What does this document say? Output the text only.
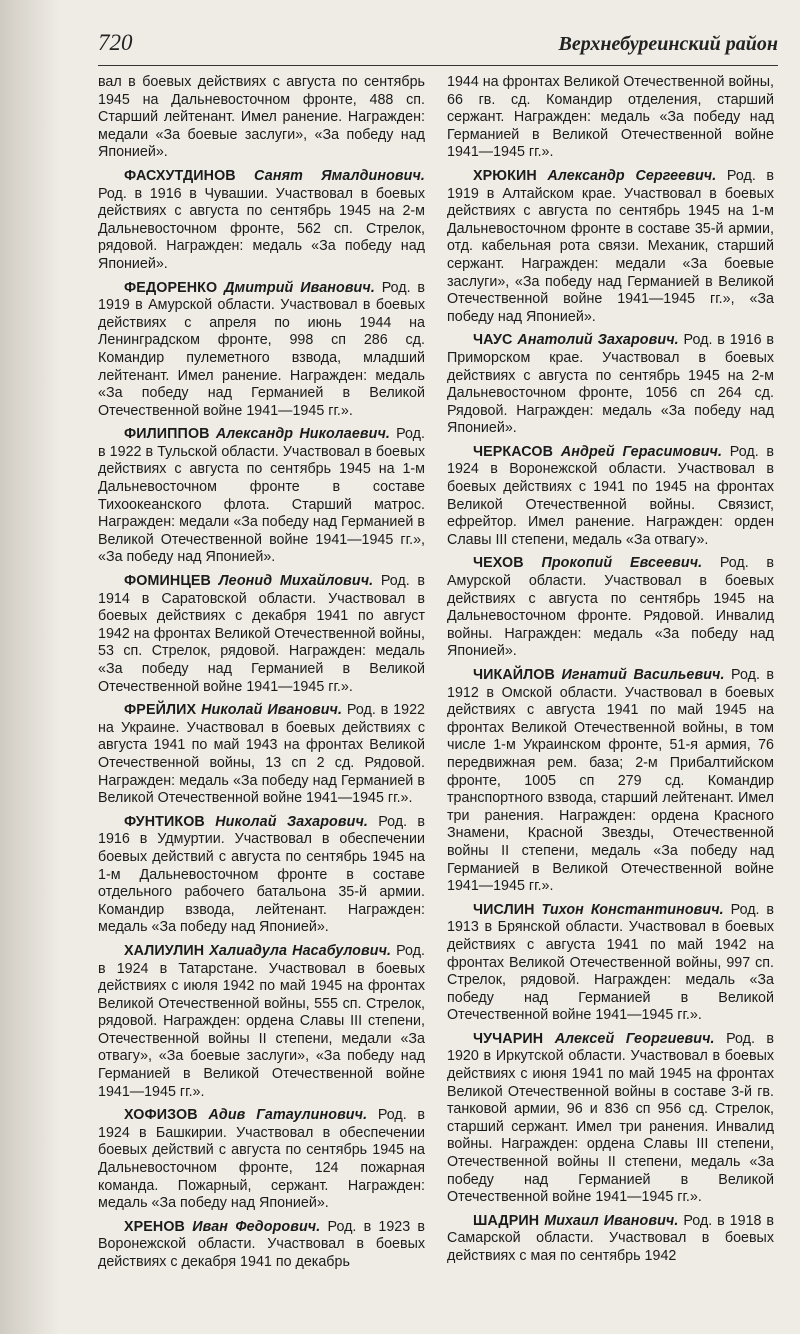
720	Верхнебуреинский район

вал в боевых действиях с августа по сентябрь 1945 на Дальневосточном фронте, 488 сп. Старший лейтенант. Имел ранение. Награжден: медали «За боевые заслуги», «За победу над Японией».

ФАСХУТДИНОВ Санят Ямалдинович. Род. в 1916 в Чувашии. Участвовал в боевых действиях с августа по сентябрь 1945 на 2-м Дальневосточном фронте, 562 сп. Стрелок, рядовой. Награжден: медаль «За победу над Японией».

ФЕДОРЕНКО Дмитрий Иванович. Род. в 1919 в Амурской области. Участвовал в боевых действиях с апреля по июнь 1944 на Ленинградском фронте, 998 сп 286 сд. Командир пулеметного взвода, младший лейтенант. Имел ранение. Награжден: медаль «За победу над Германией в Великой Отечественной войне 1941—1945 гг.».

ФИЛИППОВ Александр Николаевич. Род. в 1922 в Тульской области. Участвовал в боевых действиях с августа по сентябрь 1945 на 1-м Дальневосточном фронте в составе Тихоокеанского флота. Старший матрос. Награжден: медали «За победу над Германией в Великой Отечественной войне 1941—1945 гг.», «За победу над Японией».

ФОМИНЦЕВ Леонид Михайлович. Род. в 1914 в Саратовской области. Участвовал в боевых действиях с декабря 1941 по август 1942 на фронтах Великой Отечественной войны, 53 сп. Стрелок, рядовой. Награжден: медаль «За победу над Германией в Великой Отечественной войне 1941—1945 гг.».

ФРЕЙЛИХ Николай Иванович. Род. в 1922 на Украине. Участвовал в боевых действиях с августа 1941 по май 1943 на фронтах Великой Отечественной войны, 13 сп 2 сд. Рядовой. Награжден: медаль «За победу над Германией в Великой Отечественной войне 1941—1945 гг.».

ФУНТИКОВ Николай Захарович. Род. в 1916 в Удмуртии. Участвовал в обеспечении боевых действий с августа по сентябрь 1945 на 1-м Дальневосточном фронте в составе отдельного рабочего батальона 35-й армии. Командир взвода, лейтенант. Награжден: медаль «За победу над Японией».

ХАЛИУЛИН Халиадула Насабулович. Род. в 1924 в Татарстане. Участвовал в боевых действиях с июля 1942 по май 1945 на фронтах Великой Отечественной войны, 555 сп. Стрелок, рядовой. Награжден: ордена Славы III степени, Отечественной войны II степени, медали «За отвагу», «За боевые заслуги», «За победу над Германией в Великой Отечественной войне 1941—1945 гг.».

ХОФИЗОВ Адив Гатаулинович. Род. в 1924 в Башкирии. Участвовал в обеспечении боевых действий с августа по сентябрь 1945 на Дальневосточном фронте, 124 пожарная команда. Пожарный, сержант. Награжден: медаль «За победу над Японией».

ХРЕНОВ Иван Федорович. Род. в 1923 в Воронежской области. Участвовал в боевых действиях с декабря 1941 по декабрь

1944 на фронтах Великой Отечественной войны, 66 гв. сд. Командир отделения, старший сержант. Награжден: медаль «За победу над Германией в Великой Отечественной войне 1941—1945 гг.».

ХРЮКИН Александр Сергеевич. Род. в 1919 в Алтайском крае. Участвовал в боевых действиях с августа по сентябрь 1945 на 1-м Дальневосточном фронте в составе 35-й армии, отд. кабельная рота связи. Механик, старший сержант. Награжден: медали «За боевые заслуги», «За победу над Германией в Великой Отечественной войне 1941—1945 гг.», «За победу над Японией».

ЧАУС Анатолий Захарович. Род. в 1916 в Приморском крае. Участвовал в боевых действиях с августа по сентябрь 1945 на 2-м Дальневосточном фронте, 1056 сп 264 сд. Рядовой. Награжден: медаль «За победу над Японией».

ЧЕРКАСОВ Андрей Герасимович. Род. в 1924 в Воронежской области. Участвовал в боевых действиях с 1941 по 1945 на фронтах Великой Отечественной войны. Связист, ефрейтор. Имел ранение. Награжден: орден Славы III степени, медаль «За отвагу».

ЧЕХОВ Прокопий Евсеевич. Род. в Амурской области. Участвовал в боевых действиях с августа по сентябрь 1945 на Дальневосточном фронте. Рядовой. Инвалид войны. Награжден: медаль «За победу над Японией».

ЧИКАЙЛОВ Игнатий Васильевич. Род. в 1912 в Омской области. Участвовал в боевых действиях с августа 1941 по май 1945 на фронтах Великой Отечественной войны, в том числе 1-м Украинском фронте, 51-я армия, 76 передвижная рем. база; 2-м Прибалтийском фронте, 1005 сп 279 сд. Командир транспортного взвода, старший лейтенант. Имел три ранения. Награжден: ордена Красного Знамени, Красной Звезды, Отечественной войны II степени, медаль «За победу над Германией в Великой Отечественной войне 1941—1945 гг.».

ЧИСЛИН Тихон Константинович. Род. в 1913 в Брянской области. Участвовал в боевых действиях с августа 1941 по май 1942 на фронтах Великой Отечественной войны, 997 сп. Стрелок, рядовой. Награжден: медаль «За победу над Германией в Великой Отечественной войне 1941—1945 гг.».

ЧУЧАРИН Алексей Георгиевич. Род. в 1920 в Иркутской области. Участвовал в боевых действиях с июня 1941 по май 1945 на фронтах Великой Отечественной войны в составе 3-й гв. танковой армии, 96 и 836 сп 956 сд. Стрелок, старший сержант. Имел три ранения. Инвалид войны. Награжден: ордена Славы III степени, Отечественной войны II степени, медаль «За победу над Германией в Великой Отечественной войне 1941—1945 гг.».

ШАДРИН Михаил Иванович. Род. в 1918 в Самарской области. Участвовал в боевых действиях с мая по сентябрь 1942
